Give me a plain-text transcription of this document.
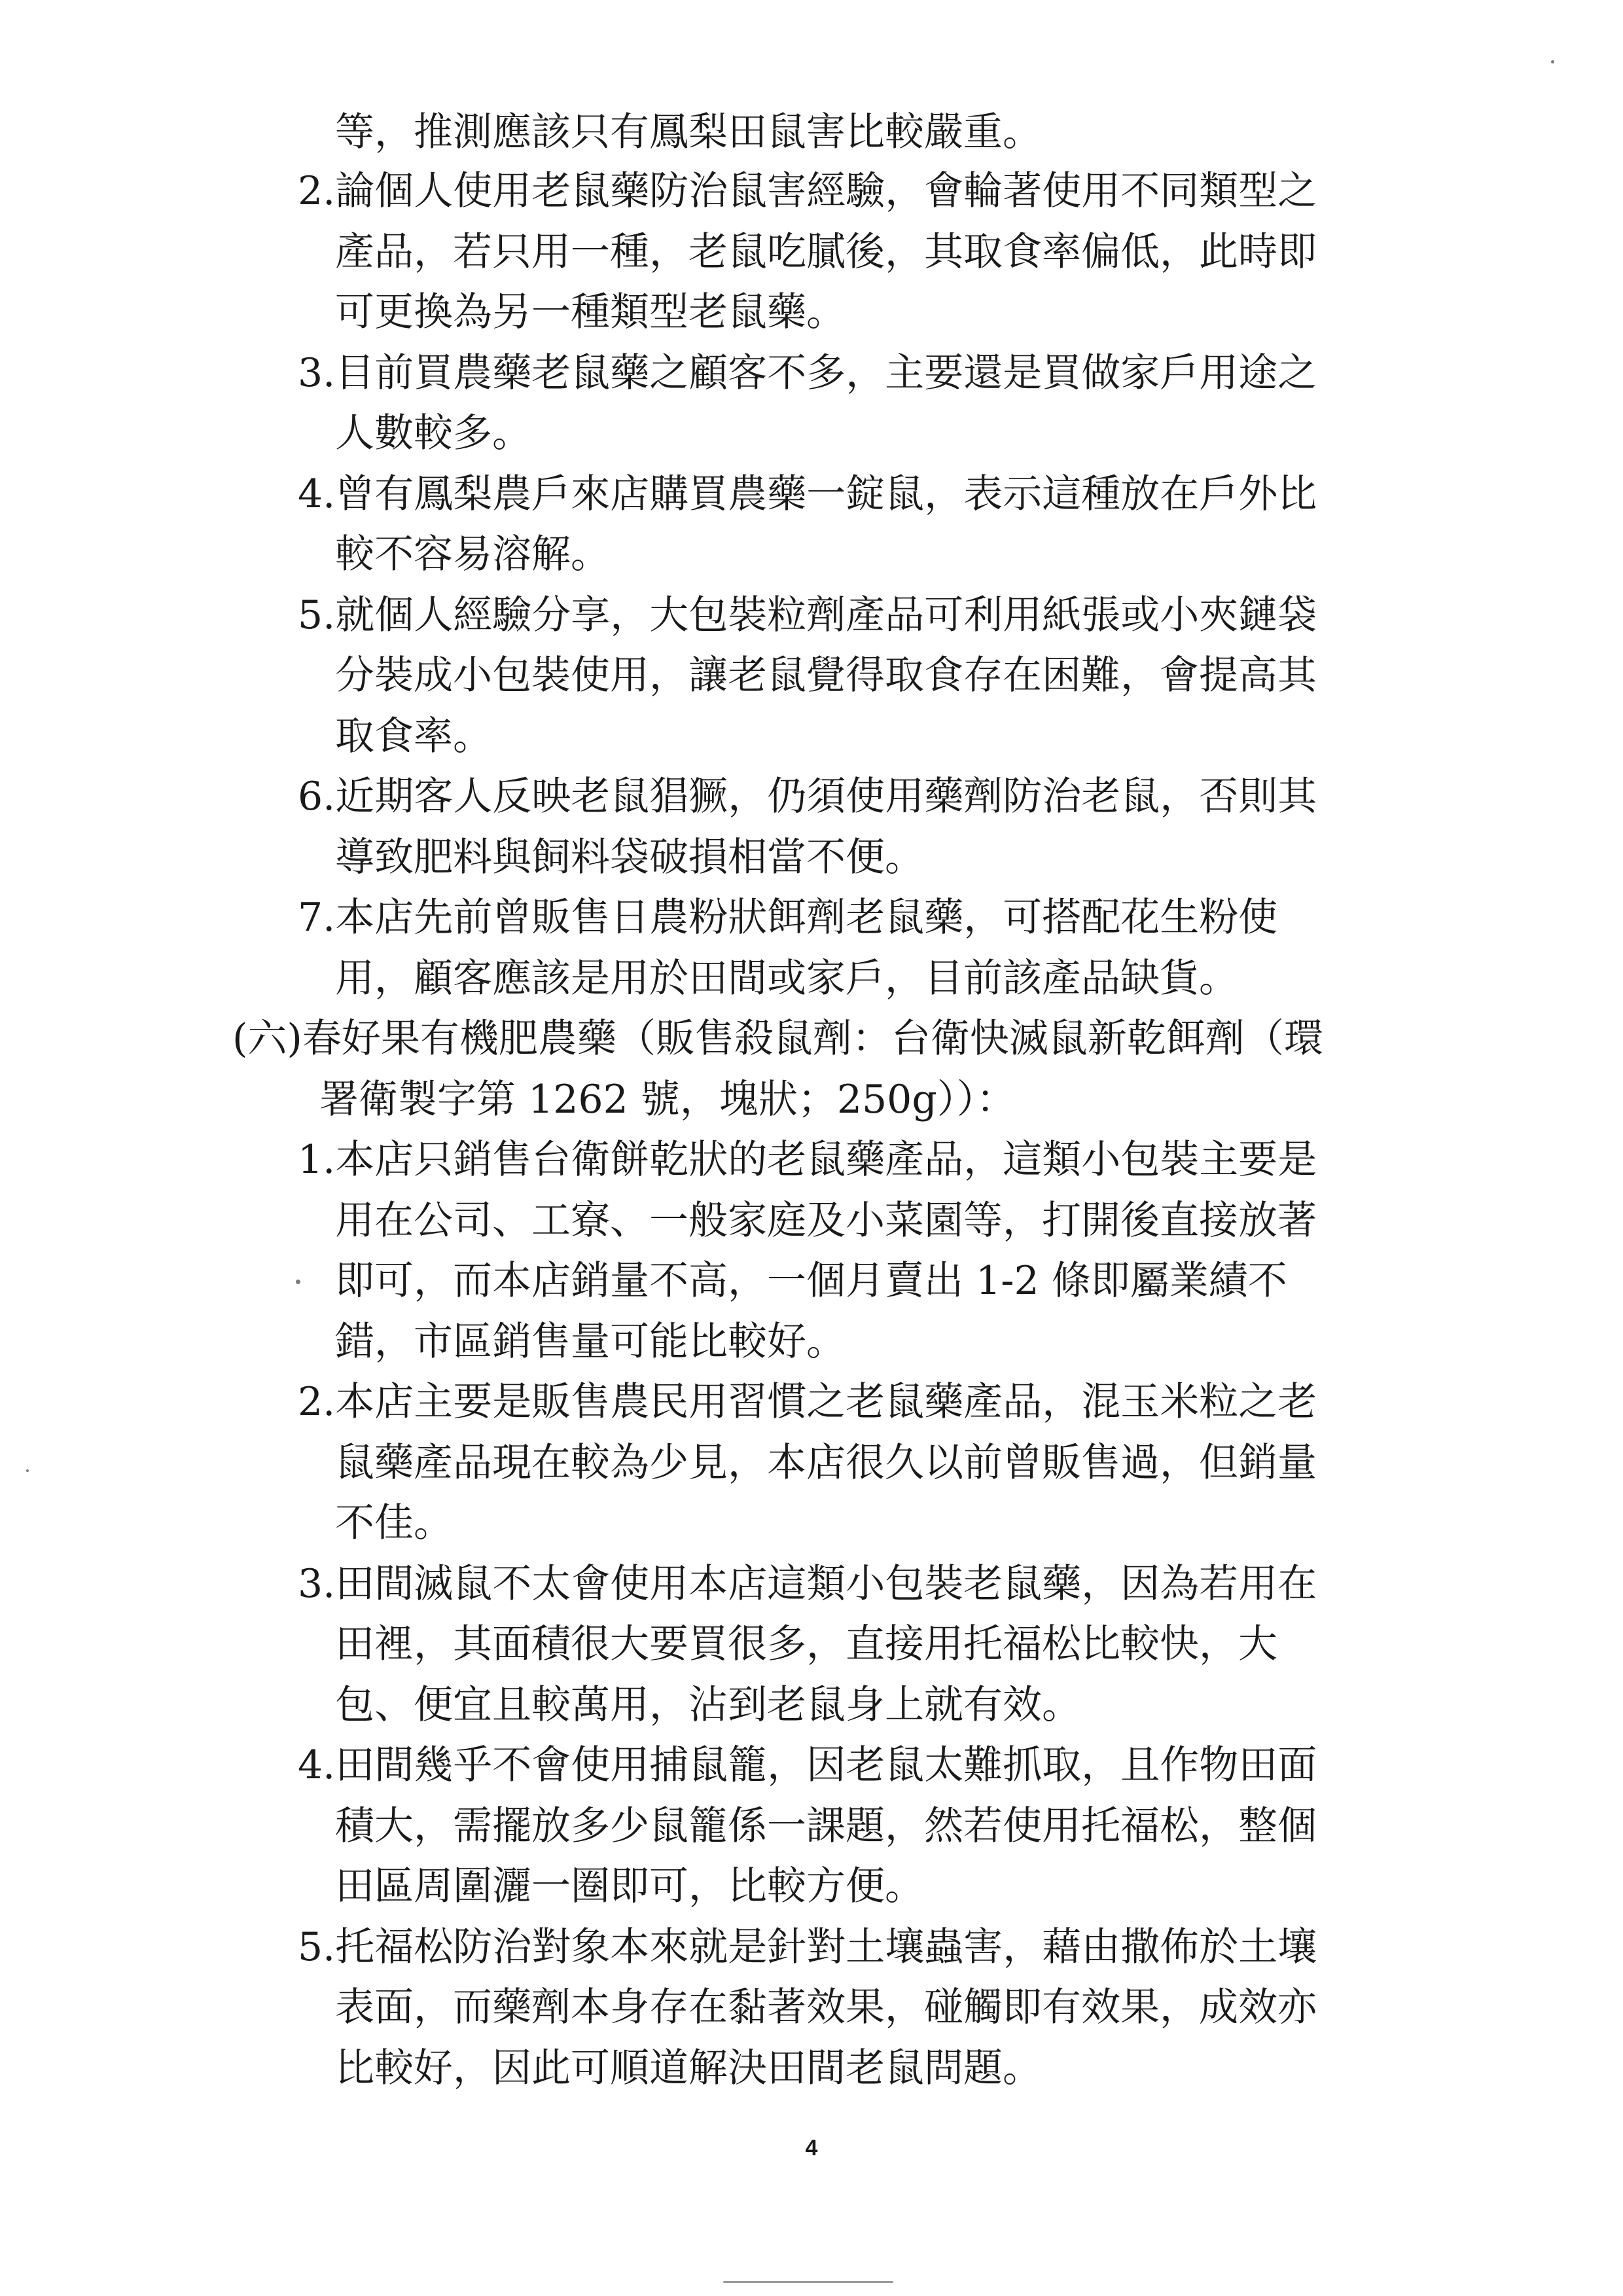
等，推測應該只有鳳梨田鼠害比較嚴重。
2.論個人使用老鼠藥防治鼠害經驗，會輪著使用不同類型之
產品，若只用一種，老鼠吃膩後，其取食率偏低，此時即
可更換為另一種類型老鼠藥。
3.目前買農藥老鼠藥之顧客不多，主要還是買做家戶用途之
人數較多。
4.曾有鳳梨農戶來店購買農藥一錠鼠，表示這種放在戶外比
較不容易溶解。
5.就個人經驗分享，大包裝粒劑產品可利用紙張或小夾鏈袋
分裝成小包裝使用，讓老鼠覺得取食存在困難，會提高其
取食率。
6.近期客人反映老鼠猖獗，仍須使用藥劑防治老鼠，否則其
導致肥料與飼料袋破損相當不便。
7.本店先前曾販售日農粉狀餌劑老鼠藥，可搭配花生粉使
用，顧客應該是用於田間或家戶，目前該產品缺貨。
(六)春好果有機肥農藥（販售殺鼠劑：台衛快滅鼠新乾餌劑（環
署衛製字第 1262 號，塊狀；250g））：
1.本店只銷售台衛餅乾狀的老鼠藥產品，這類小包裝主要是
用在公司、工寮、一般家庭及小菜園等，打開後直接放著
即可，而本店銷量不高，一個月賣出 1-2 條即屬業績不
錯，市區銷售量可能比較好。
2.本店主要是販售農民用習慣之老鼠藥產品，混玉米粒之老
鼠藥產品現在較為少見，本店很久以前曾販售過，但銷量
不佳。
3.田間滅鼠不太會使用本店這類小包裝老鼠藥，因為若用在
田裡，其面積很大要買很多，直接用托福松比較快，大
包、便宜且較萬用，沾到老鼠身上就有效。
4.田間幾乎不會使用捕鼠籠，因老鼠太難抓取，且作物田面
積大，需擺放多少鼠籠係一課題，然若使用托福松，整個
田區周圍灑一圈即可，比較方便。
5.托福松防治對象本來就是針對土壤蟲害，藉由撒佈於土壤
表面，而藥劑本身存在黏著效果，碰觸即有效果，成效亦
比較好，因此可順道解決田間老鼠問題。
4
